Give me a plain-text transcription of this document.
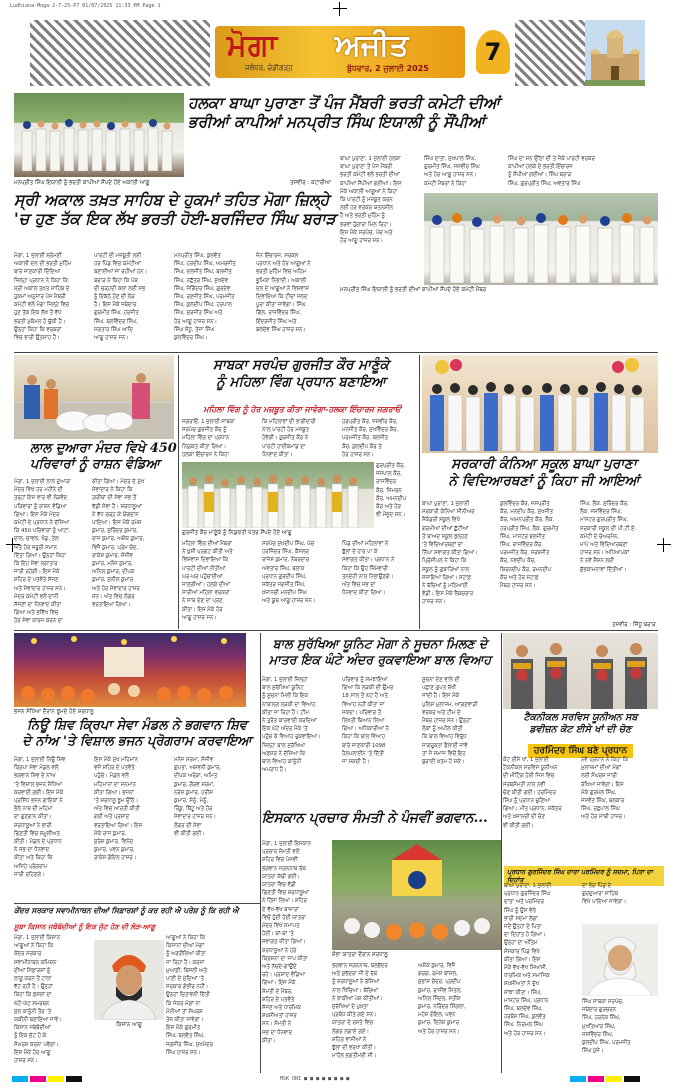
Ludhiana-Moga-2-7-25-P7 01/07/2025 11:33 PM Page 1
ਮੋਗਾ ਅਜੀਤ
ਜਲੰਧਰ, ਚੰਡੀਗੜ੍ਹ	ਬੁੱਧਵਾਰ, 2 ਜੁਲਾਈ 2025
7
ਹਲਕਾ ਬਾਘਾ ਪੁਰਾਣਾ ਤੋਂ ਪੰਜ ਮੈਂਬਰੀ ਭਰਤੀ ਕਮੇਟੀ ਦੀਆਂ
ਭਰੀਆਂ ਕਾਪੀਆਂ ਮਨਪ੍ਰੀਤ ਸਿੰਘ ਇਯਾਲੀ ਨੂੰ ਸੌਂਪੀਆਂ
ਮਨਪ੍ਰੀਤ ਸਿੰਘ ਇਯਾਲੀ ਨੂੰ ਭਰਤੀ ਕਾਪੀਆਂ ਸੌਂਪਦੇ ਹੋਏ ਅਕਾਲੀ ਆਗੂ	ਤਸਵੀਰ : ਕਟਾਰੀਆ
ਬਾਘਾ ਪੁਰਾਣਾ, 1 ਜੁਲਾਈ ਹਲਕਾ
ਬਾਘਾ ਪੁਰਾਣਾ ਤੋਂ ਪੰਜ ਮੈਂਬਰੀ
ਭਰਤੀ ਕਮੇਟੀ ਵਲੋਂ ਭਰਤੀ ਦੀਆਂ
ਕਾਪੀਆਂ ਸੌਂਪੀਆਂ ਗਈਆਂ। ਇਸ
ਮੌਕੇ ਅਕਾਲੀ ਆਗੂਆਂ ਨੇ ਕਿਹਾ
ਕਿ ਪਾਰਟੀ ਨੂੰ ਮਜ਼ਬੂਤ ਕਰਨ
ਲਈ ਹਰ ਵਰਕਰ ਯਤਨਸ਼ੀਲ
ਹੈ ਅਤੇ ਭਰਤੀ ਮੁਹਿੰਮ ਨੂੰ
ਭਰਵਾਂ ਹੁੰਗਾਰਾ ਮਿਲ ਰਿਹਾ।
ਇਸ ਮੌਕੇ ਸਰਪੰਚ, ਪੰਚ ਅਤੇ
ਹੋਰ ਆਗੂ ਹਾਜ਼ਰ ਸਨ।
ਸਿੰਘ ਦਾਤਾ, ਸੁਖਪਾਲ ਸਿੰਘ,
ਗੁਰਮੀਤ ਸਿੰਘ, ਜਸਵੀਰ ਸਿੰਘ
ਅਤੇ ਹੋਰ ਆਗੂ ਹਾਜ਼ਰ ਸਨ।
ਕਮੇਟੀ ਮੈਂਬਰਾਂ ਨੇ ਕਿਹਾ
ਸਿੰਘ ਦਾ ਸਨ ਉੱਠਾ ਦੀ ਤੇ ਜੋਕੇ ਪਾਰਟੀ ਵਰਕਰ
ਕਾਪੀਆਂ ਹਲਕੇ ਦੇ ਭਰਤੀ ਇੰਚਾਰਜ
ਨੂੰ ਸੌਂਪੀਆਂ ਗਈਆਂ। ਸਿੰਘ ਬਰਾੜ
ਸਿੰਘ, ਗੁਰਪ੍ਰੀਤ ਸਿੰਘ, ਅਵਤਾਰ ਸਿੰਘ
ਮਨਪ੍ਰੀਤ ਸਿੰਘ ਇਯਾਲੀ ਨੂੰ ਭਰਤੀ ਦੀਆਂ ਕਾਪੀਆਂ ਸੌਂਪਦੇ ਹੋਏ ਕਮੇਟੀ ਮੈਂਬਰ
ਸ੍ਰੀ ਅਕਾਲ ਤਖ਼ਤ ਸਾਹਿਬ ਦੇ ਹੁਕਮਾਂ ਤਹਿਤ ਮੋਗਾ ਜ਼ਿਲ੍ਹੇ
'ਚ ਹੁਣ ਤੱਕ ਇਕ ਲੱਖ ਭਰਤੀ ਹੋਈ-ਬਰਜਿੰਦਰ ਸਿੰਘ ਬਰਾੜ
ਮੋਗਾ, 1 ਜੁਲਾਈ ਸ਼੍ਰੋਮਣੀ
ਅਕਾਲੀ ਦਲ ਦੀ ਭਰਤੀ ਮੁਹਿੰਮ
ਬਾਰੇ ਜਾਣਕਾਰੀ ਦਿੰਦਿਆਂ
ਜ਼ਿਲ੍ਹਾ ਪ੍ਰਧਾਨ ਨੇ ਕਿਹਾ ਕਿ
ਸ੍ਰੀ ਅਕਾਲ ਤਖ਼ਤ ਸਾਹਿਬ ਦੇ
ਹੁਕਮਾਂ ਅਨੁਸਾਰ ਪੰਜ ਮੈਂਬਰੀ
ਕਮੇਟੀ ਵਲੋਂ ਮੋਗਾ ਜ਼ਿਲ੍ਹੇ ਵਿਚ
ਹੁਣ ਤੱਕ ਇਕ ਲੱਖ ਤੋਂ ਵੱਧ
ਭਰਤੀ ਮੁਕੰਮਲ ਹੋ ਚੁੱਕੀ ਹੈ।
ਉਨ੍ਹਾਂ ਕਿਹਾ ਕਿ ਵਰਕਰਾਂ
ਵਿਚ ਭਾਰੀ ਉਤਸ਼ਾਹ ਹੈ।
ਪਾਰਟੀ ਦੀ ਮਜ਼ਬੂਤੀ ਲਈ
ਹਰ ਪਿੰਡ ਵਿਚ ਕਮੇਟੀਆਂ
ਬਣਾਈਆਂ ਜਾ ਰਹੀਆਂ ਹਨ।
ਬਰਾੜ ਨੇ ਕਿਹਾ ਕਿ ਪੰਥ
ਦੀ ਚੜ੍ਹਦੀ ਕਲਾ ਲਈ ਸਭ
ਨੂੰ ਇਕੱਠੇ ਹੋਣ ਦੀ ਲੋੜ
ਹੈ। ਇਸ ਮੌਕੇ ਜਥੇਦਾਰ
ਗੁਰਮੀਤ ਸਿੰਘ, ਹਰਜੀਤ
ਸਿੰਘ, ਬਲਵਿੰਦਰ ਸਿੰਘ,
ਜਗਤਾਰ ਸਿੰਘ ਆਦਿ
ਆਗੂ ਹਾਜ਼ਰ ਸਨ।
ਮਨਪ੍ਰੀਤ ਸਿੰਘ, ਕੁਲਵੰਤ
ਸਿੰਘ, ਹਰਦੀਪ ਸਿੰਘ, ਅਮਰਜੀਤ
ਸਿੰਘ, ਦਲਜੀਤ ਸਿੰਘ, ਬਲਜੀਤ
ਸਿੰਘ, ਨਛੱਤਰ ਸਿੰਘ, ਸੁਖਦੇਵ
ਸਿੰਘ, ਜੋਗਿੰਦਰ ਸਿੰਘ, ਗੁਰਦੇਵ
ਸਿੰਘ, ਰਣਜੀਤ ਸਿੰਘ, ਪਰਮਜੀਤ
ਸਿੰਘ, ਕੁਲਦੀਪ ਸਿੰਘ, ਹਰਪਾਲ
ਸਿੰਘ, ਸੁਰਜੀਤ ਸਿੰਘ ਅਤੇ
ਹੋਰ ਆਗੂ ਹਾਜ਼ਰ ਸਨ।
ਸਿੰਘ ਸੰਧੂ, ਤੇਜਾ ਸਿੰਘ
ਕੁਲਵਿੰਦਰ ਸਿੰਘ।
ਜ਼ੋਨ ਇੰਚਾਰਜ, ਸਰਕਲ
ਪ੍ਰਧਾਨ ਅਤੇ ਹੋਰ ਆਗੂਆਂ ਨੇ
ਭਰਤੀ ਮੁਹਿੰਮ ਵਿਚ ਅਹਿਮ
ਭੂਮਿਕਾ ਨਿਭਾਈ। ਅਕਾਲੀ
ਦਲ ਦੇ ਆਗੂਆਂ ਨੇ ਵਿਸ਼ਵਾਸ
ਦਿਵਾਇਆ ਕਿ ਟੀਚਾ ਜਲਦ
ਪੂਰਾ ਕੀਤਾ ਜਾਵੇਗਾ। ਸਿੰਘ
ਗਿੱਲ, ਰਾਜਵਿੰਦਰ ਸਿੰਘ,
ਇੰਦਰਜੀਤ ਸਿੰਘ ਅਤੇ
ਬਲਦੇਵ ਸਿੰਘ ਹਾਜ਼ਰ ਸਨ।
ਲਾਲ ਦੁਆਰਾ ਮੰਦਰ ਵਿਖੇ 450
ਪਰਿਵਾਰਾਂ ਨੂੰ ਰਾਸ਼ਨ ਵੰਡਿਆ
ਮੋਗਾ, 1 ਜੁਲਾਈ ਲਾਲ ਦੁਆਰਾ
ਮੰਦਰ ਵਿਖੇ ਹਰ ਮਹੀਨੇ ਦੀ
ਤਰ੍ਹਾਂ ਇਸ ਵਾਰ ਵੀ ਲੋੜਵੰਦ
ਪਰਿਵਾਰਾਂ ਨੂੰ ਰਾਸ਼ਨ ਵੰਡਿਆ
ਗਿਆ। ਇਸ ਮੌਕੇ ਮੰਦਰ
ਕਮੇਟੀ ਦੇ ਪ੍ਰਧਾਨ ਨੇ ਦੱਸਿਆ
ਕਿ 450 ਪਰਿਵਾਰਾਂ ਨੂੰ ਆਟਾ,
ਦਾਲ, ਚਾਵਲ, ਖੰਡ, ਤੇਲ
ਅਤੇ ਹੋਰ ਜ਼ਰੂਰੀ ਸਮਾਨ
ਦਿੱਤਾ ਗਿਆ। ਉਨ੍ਹਾਂ ਕਿਹਾ
ਕਿ ਇਹ ਸੇਵਾ ਲਗਾਤਾਰ
ਜਾਰੀ ਰਹੇਗੀ। ਇਸ ਮੌਕੇ
ਸ਼ਹਿਰ ਦੇ ਪਤਵੰਤੇ ਸੱਜਣ
ਅਤੇ ਸੇਵਾਦਾਰ ਹਾਜ਼ਰ ਸਨ।
ਮੰਦਰ ਕਮੇਟੀ ਵਲੋਂ ਦਾਨੀ
ਸੱਜਣਾਂ ਦਾ ਧੰਨਵਾਦ ਕੀਤਾ
ਗਿਆ ਅਤੇ ਭਵਿੱਖ ਵਿਚ
ਹੋਰ ਸੇਵਾ ਕਾਰਜ ਕਰਨ ਦਾ
ਕੀਤਾ ਗਿਆ। ਮੰਦਰ ਦੇ ਮੁੱਖ
ਸੇਵਾਦਾਰ ਨੇ ਕਿਹਾ ਕਿ
ਗ਼ਰੀਬਾਂ ਦੀ ਸੇਵਾ ਸਭ ਤੋਂ
ਵੱਡੀ ਸੇਵਾ ਹੈ। ਸ਼ਰਧਾਲੂਆਂ
ਨੇ ਵੱਧ ਚੜ੍ਹ ਕੇ ਯੋਗਦਾਨ
ਪਾਇਆ। ਇਸ ਮੌਕੇ ਰਮੇਸ਼
ਕੁਮਾਰ, ਸੁਰਿੰਦਰ ਕੁਮਾਰ,
ਰਾਜ ਕੁਮਾਰ, ਅਸ਼ੋਕ ਕੁਮਾਰ,
ਵਿਜੈ ਕੁਮਾਰ, ਪ੍ਰੇਮ ਚੰਦ,
ਰਾਕੇਸ਼ ਕੁਮਾਰ, ਸੰਜੀਵ
ਕੁਮਾਰ, ਮਨੋਜ ਕੁਮਾਰ,
ਅਨਿਲ ਕੁਮਾਰ, ਦੀਪਕ
ਕੁਮਾਰ, ਸੁਨੀਲ ਕੁਮਾਰ
ਅਤੇ ਹੋਰ ਸੇਵਾਦਾਰ ਹਾਜ਼ਰ
ਸਨ। ਅੰਤ ਵਿਚ ਲੰਗਰ
ਵਰਤਾਇਆ ਗਿਆ।
ਸਾਬਕਾ ਸਰਪੰਚ ਗੁਰਜੀਤ ਕੌਰ ਮਾਣੂੰਕੇ
ਨੂੰ ਮਹਿਲਾ ਵਿੰਗ ਪ੍ਰਧਾਨ ਬਣਾਇਆ
ਮਹਿਲਾ ਵਿੰਗ ਨੂੰ ਹੋਰ ਮਜ਼ਬੂਤ ਕੀਤਾ ਜਾਵੇਗਾ-ਹਲਕਾ ਇੰਚਾਰਜ ਜਗਰਾਓਂ
ਜਗਰਾਓਂ, 1 ਜੁਲਾਈ ਸਾਬਕਾ
ਸਰਪੰਚ ਗੁਰਜੀਤ ਕੌਰ ਨੂੰ
ਮਹਿਲਾ ਵਿੰਗ ਦਾ ਪ੍ਰਧਾਨ
ਨਿਯੁਕਤ ਕੀਤਾ ਗਿਆ।
ਹਲਕਾ ਇੰਚਾਰਜ ਨੇ ਕਿਹਾ
ਕਿ ਮਹਿਲਾਵਾਂ ਦੀ ਭਾਗੀਦਾਰੀ
ਨਾਲ ਪਾਰਟੀ ਹੋਰ ਮਜ਼ਬੂਤ
ਹੋਵੇਗੀ। ਗੁਰਜੀਤ ਕੌਰ ਨੇ
ਪਾਰਟੀ ਹਾਈਕਮਾਂਡ ਦਾ
ਧੰਨਵਾਦ ਕੀਤਾ।
ਹਰਪ੍ਰੀਤ ਕੌਰ, ਜਸਵੀਰ ਕੌਰ,
ਮਨਜੀਤ ਕੌਰ, ਸੁਖਵਿੰਦਰ ਕੌਰ,
ਪਰਮਜੀਤ ਕੌਰ, ਬਲਜੀਤ
ਕੌਰ, ਕੁਲਦੀਪ ਕੌਰ ਤੇ
ਹੋਰ ਹਾਜ਼ਰ ਸਨ।
ਗੁਰਪ੍ਰੀਤ ਕੌਰ,
ਜਸਪਾਲ ਕੌਰ,
ਰਾਜਵਿੰਦਰ
ਕੌਰ, ਸਿਮਰਨ
ਕੌਰ, ਅਮਨਦੀਪ
ਕੌਰ ਅਤੇ ਹੋਰ
ਵੀ ਮੌਜੂਦ ਸਨ।
ਗੁਰਜੀਤ ਕੌਰ ਮਾਣੂੰਕੇ ਨੂੰ ਨਿਯੁਕਤੀ ਪੱਤਰ ਸੌਂਪਦੇ ਹੋਏ ਆਗੂ
ਮਹਿਲਾ ਵਿੰਗ ਦੀਆਂ ਮੈਂਬਰਾਂ
ਨੇ ਖ਼ੁਸ਼ੀ ਪ੍ਰਗਟ ਕੀਤੀ ਅਤੇ
ਵਿਸ਼ਵਾਸ ਦਿਵਾਇਆ ਕਿ
ਪਾਰਟੀ ਦੀਆਂ ਨੀਤੀਆਂ
ਘਰ-ਘਰ ਪਹੁੰਚਾਈਆਂ
ਜਾਣਗੀਆਂ। ਹਲਕੇ ਦੀਆਂ
ਸਾਰੀਆਂ ਮਹਿਲਾ ਵਰਕਰਾਂ
ਨੇ ਸਾਥ ਦੇਣ ਦਾ ਪ੍ਰਣ
ਕੀਤਾ। ਇਸ ਮੌਕੇ ਹੋਰ
ਆਗੂ ਹਾਜ਼ਰ ਸਨ।
ਸਰਪੰਚ ਸੁਖਦੀਪ ਸਿੰਘ, ਪੰਚ
ਹਰਜਿੰਦਰ ਸਿੰਘ, ਕੌਂਸਲਰ
ਰਾਜੇਸ਼ ਕੁਮਾਰ, ਨੰਬਰਦਾਰ
ਅਵਤਾਰ ਸਿੰਘ, ਬਲਾਕ
ਪ੍ਰਧਾਨ ਗੁਰਦੀਪ ਸਿੰਘ,
ਸਕੱਤਰ ਜਗਜੀਤ ਸਿੰਘ,
ਖ਼ਜ਼ਾਨਚੀ ਮਨਦੀਪ ਸਿੰਘ
ਅਤੇ ਯੂਥ ਆਗੂ ਹਾਜ਼ਰ ਸਨ।
ਪਿੰਡ ਦੀਆਂ ਮਹਿਲਾਵਾਂ ਨੇ
ਫੁੱਲਾਂ ਦੇ ਹਾਰ ਪਾ ਕੇ
ਸਵਾਗਤ ਕੀਤਾ। ਪ੍ਰਧਾਨ ਨੇ
ਕਿਹਾ ਕਿ ਉਹ ਜ਼ਿੰਮੇਵਾਰੀ
ਤਨਦੇਹੀ ਨਾਲ ਨਿਭਾਉਣਗੇ।
ਅੰਤ ਵਿਚ ਸਭ ਦਾ
ਧੰਨਵਾਦ ਕੀਤਾ ਗਿਆ।
ਸਰਕਾਰੀ ਕੰਨਿਆ ਸਕੂਲ ਬਾਘਾ ਪੁਰਾਣਾ
ਨੇ ਵਿਦਿਆਰਥਣਾਂ ਨੂੰ ਕਿਹਾ ਜੀ ਆਇਆਂ
ਬਾਘਾ ਪੁਰਾਣਾ, 1 ਜੁਲਾਈ
ਸਰਕਾਰੀ ਕੰਨਿਆ ਸੀਨੀਅਰ
ਸੈਕੰਡਰੀ ਸਕੂਲ ਵਿਖੇ
ਗਰਮੀਆਂ ਦੀਆਂ ਛੁੱਟੀਆਂ
ਤੋਂ ਬਾਅਦ ਸਕੂਲ ਖੁੱਲ੍ਹਣ
'ਤੇ ਵਿਦਿਆਰਥਣਾਂ ਦਾ
ਨਿੱਘਾ ਸਵਾਗਤ ਕੀਤਾ ਗਿਆ।
ਪ੍ਰਿੰਸੀਪਲ ਨੇ ਕਿਹਾ ਕਿ
ਸਕੂਲ ਨੂੰ ਗੁਬਾਰਿਆਂ ਨਾਲ
ਸਜਾਇਆ ਗਿਆ। ਸਟਾਫ਼
ਨੇ ਬੱਚਿਆਂ ਨੂੰ ਮਠਿਆਈ
ਵੰਡੀ। ਇਸ ਮੌਕੇ ਲੈਕਚਰਾਰ
ਹਾਜ਼ਰ ਸਨ।
ਕੁਲਵਿੰਦਰ ਕੌਰ, ਜਸਪ੍ਰੀਤ
ਕੌਰ, ਮਨਦੀਪ ਕੌਰ, ਸੁਖਜੀਤ
ਕੌਰ, ਅਮਨਪ੍ਰੀਤ ਕੌਰ, ਲੈਕ.
ਹਰਪ੍ਰੀਤ ਸਿੰਘ, ਲੈਕ. ਗੁਰਮੀਤ
ਸਿੰਘ, ਮਾਸਟਰ ਬਲਜੀਤ
ਸਿੰਘ, ਰਾਜਵਿੰਦਰ ਕੌਰ,
ਪਰਮਜੀਤ ਕੌਰ, ਸਰਬਜੀਤ
ਕੌਰ, ਨਵਦੀਪ ਕੌਰ,
ਕਿਰਨਦੀਪ ਕੌਰ, ਰਮਨਦੀਪ
ਕੌਰ ਅਤੇ ਹੋਰ ਸਟਾਫ਼
ਮੈਂਬਰ ਹਾਜ਼ਰ ਸਨ।
ਸਿੰਘ, ਲੈਕ. ਸੁਰਿੰਦਰ ਕੌਰ,
ਲੈਕ. ਜਸਵਿੰਦਰ ਸਿੰਘ,
ਮਾਸਟਰ ਗੁਰਪ੍ਰੀਤ ਸਿੰਘ,
ਸਰਕਾਰੀ ਸਕੂਲ ਦੀ ਪੀ.ਟੀ.ਏ.
ਕਮੇਟੀ ਦੇ ਚੇਅਰਮੈਨ,
ਮਾਪੇ ਅਤੇ ਵਿਦਿਆਰਥਣਾਂ
ਹਾਜ਼ਰ ਸਨ। ਅਧਿਆਪਕਾਂ
ਨੇ ਨਵੇਂ ਸੈਸ਼ਨ ਲਈ
ਸ਼ੁੱਭਕਾਮਨਾਵਾਂ ਦਿੱਤੀਆਂ।
ਤਸਵੀਰ : ਸਿੱਧੂ ਬਰਾੜ
ਭਜਨ ਸੰਧਿਆ ਦੌਰਾਨ ਝੂਮਦੇ ਹੋਏ ਸ਼ਰਧਾਲੂ
ਨਿਊ ਸ਼ਿਵ ਕ੍ਰਿਪਾ ਸੇਵਾ ਮੰਡਲ ਨੇ ਭਗਵਾਨ ਸ਼ਿਵ
ਦੇ ਨਾਂਅ 'ਤੇ ਵਿਸ਼ਾਲ ਭਜਨ ਪ੍ਰੋਗਰਾਮ ਕਰਵਾਇਆ
ਮੋਗਾ, 1 ਜੁਲਾਈ ਨਿਊ ਸ਼ਿਵ
ਕ੍ਰਿਪਾ ਸੇਵਾ ਮੰਡਲ ਵਲੋਂ
ਭਗਵਾਨ ਸ਼ਿਵ ਦੇ ਨਾਂਅ
'ਤੇ ਵਿਸ਼ਾਲ ਭਜਨ ਸੰਧਿਆ
ਕਰਵਾਈ ਗਈ। ਇਸ ਮੌਕੇ
ਪ੍ਰਸਿੱਧ ਭਜਨ ਗਾਇਕਾਂ ਨੇ
ਭੋਲੇ ਨਾਥ ਦੀ ਮਹਿਮਾ
ਦਾ ਗੁਣਗਾਨ ਕੀਤਾ।
ਸ਼ਰਧਾਲੂਆਂ ਨੇ ਭਾਰੀ
ਗਿਣਤੀ ਵਿਚ ਸ਼ਮੂਲੀਅਤ
ਕੀਤੀ। ਮੰਡਲ ਦੇ ਪ੍ਰਧਾਨ
ਨੇ ਸਭ ਦਾ ਧੰਨਵਾਦ
ਕੀਤਾ ਅਤੇ ਕਿਹਾ ਕਿ
ਅਜਿਹੇ ਪ੍ਰੋਗਰਾਮ
ਜਾਰੀ ਰਹਿਣਗੇ।
ਇਸ ਮੌਕੇ ਮੁੱਖ ਮਹਿਮਾਨ
ਵਜੋਂ ਸ਼ਹਿਰ ਦੇ ਪਤਵੰਤੇ
ਪਹੁੰਚੇ। ਮੰਡਲ ਵਲੋਂ
ਮਹਿਮਾਨਾਂ ਦਾ ਸਨਮਾਨ
ਕੀਤਾ ਗਿਆ। ਭਜਨਾਂ
'ਤੇ ਸ਼ਰਧਾਲੂ ਝੂਮ ਉੱਠੇ।
ਅੰਤ ਵਿਚ ਆਰਤੀ ਕੀਤੀ
ਗਈ ਅਤੇ ਪ੍ਰਸ਼ਾਦ
ਵਰਤਾਇਆ ਗਿਆ। ਇਸ
ਮੌਕੇ ਰਾਜ ਕੁਮਾਰ,
ਸੁਰੇਸ਼ ਕੁਮਾਰ, ਵਿਨੋਦ
ਕੁਮਾਰ, ਪਵਨ ਕੁਮਾਰ,
ਰਾਕੇਸ਼ ਗੋਇਲ ਹਾਜ਼ਰ।
ਮਨੋਜ ਸ਼ਰਮਾ, ਸੰਜੀਵ
ਗੁਪਤਾ, ਅਸ਼ਵਨੀ ਕੁਮਾਰ,
ਦੀਪਕ ਅਰੋੜਾ, ਅਮਿਤ
ਕੁਮਾਰ, ਗੌਰਵ ਸ਼ਰਮਾ,
ਨਰੇਸ਼ ਕੁਮਾਰ, ਹਰੀਸ਼
ਕੁਮਾਰ, ਸੋਨੂੰ, ਮੋਨੂੰ,
ਰਿੰਕੂ, ਬਿੱਟੂ ਅਤੇ ਹੋਰ
ਸੇਵਾਦਾਰ ਹਾਜ਼ਰ ਸਨ।
ਲੰਗਰ ਦੀ ਸੇਵਾ
ਵੀ ਕੀਤੀ ਗਈ।
ਬਾਲ ਸੁਰੱਖਿਆ ਯੂਨਿਟ ਮੋਗਾ ਨੇ ਸੂਚਨਾ ਮਿਲਣ ਦੇ
ਮਾਤਰ ਇਕ ਘੰਟੇ ਅੰਦਰ ਰੁਕਵਾਇਆ ਬਾਲ ਵਿਆਹ
ਮੋਗਾ, 1 ਜੁਲਾਈ ਜ਼ਿਲ੍ਹਾ
ਬਾਲ ਸੁਰੱਖਿਆ ਯੂਨਿਟ
ਨੂੰ ਸੂਚਨਾ ਮਿਲੀ ਕਿ ਇਕ
ਨਾਬਾਲਗ ਲੜਕੀ ਦਾ ਵਿਆਹ
ਕੀਤਾ ਜਾ ਰਿਹਾ ਹੈ। ਟੀਮ
ਨੇ ਤੁਰੰਤ ਕਾਰਵਾਈ ਕਰਦਿਆਂ
ਇਕ ਘੰਟੇ ਅੰਦਰ ਮੌਕੇ 'ਤੇ
ਪਹੁੰਚ ਕੇ ਵਿਆਹ ਰੁਕਵਾਇਆ।
ਜ਼ਿਲ੍ਹਾ ਬਾਲ ਸੁਰੱਖਿਆ
ਅਫ਼ਸਰ ਨੇ ਦੱਸਿਆ ਕਿ
ਬਾਲ ਵਿਆਹ ਕਾਨੂੰਨੀ
ਅਪਰਾਧ ਹੈ।
ਪਰਿਵਾਰ ਨੂੰ ਸਮਝਾਇਆ
ਗਿਆ ਕਿ ਲੜਕੀ ਦੀ ਉਮਰ
18 ਸਾਲ ਤੋਂ ਘੱਟ ਹੈ ਅਤੇ
ਵਿਆਹ ਨਹੀਂ ਕੀਤਾ ਜਾ
ਸਕਦਾ। ਪਰਿਵਾਰ ਤੋਂ
ਲਿਖਤੀ ਬਿਆਨ ਲਿਆ
ਗਿਆ। ਅਧਿਕਾਰੀਆਂ ਨੇ
ਕਿਹਾ ਕਿ ਬਾਲ ਵਿਆਹ
ਬਾਰੇ ਜਾਣਕਾਰੀ 1098
ਹੈਲਪਲਾਈਨ 'ਤੇ ਦਿੱਤੀ
ਜਾ ਸਕਦੀ ਹੈ।
ਸੂਚਨਾ ਦੇਣ ਵਾਲੇ ਦੀ
ਪਛਾਣ ਗੁਪਤ ਰੱਖੀ
ਜਾਂਦੀ ਹੈ। ਇਸ ਮੌਕੇ
ਪੁਲਿਸ ਮੁਲਾਜ਼ਮ, ਆਂਗਣਵਾੜੀ
ਵਰਕਰ ਅਤੇ ਟੀਮ ਦੇ
ਮੈਂਬਰ ਹਾਜ਼ਰ ਸਨ। ਉਨ੍ਹਾਂ
ਲੋਕਾਂ ਨੂੰ ਅਪੀਲ ਕੀਤੀ
ਕਿ ਬਾਲ ਵਿਆਹ ਵਿਰੁੱਧ
ਜਾਗਰੂਕਤਾ ਫੈਲਾਈ ਜਾਵੇ
ਤਾਂ ਜੋ ਸਮਾਜ ਵਿਚੋਂ ਇਹ
ਬੁਰਾਈ ਖ਼ਤਮ ਹੋ ਸਕੇ।
ਟੈਕਨੀਕਲ ਸਰਵਿਸ ਯੂਨੀਅਨ ਸਬ
ਡਵੀਜ਼ਨ ਕੋਟ ਈਸੇ ਖਾਂ ਦੀ ਚੋਣ
ਹਰਮਿੰਦਰ ਸਿੰਘ ਬਣੇ ਪ੍ਰਧਾਨ
ਕੋਟ ਈਸੇ ਖਾਂ, 1 ਜੁਲਾਈ
ਟੈਕਨੀਕਲ ਸਰਵਿਸ ਯੂਨੀਅਨ
ਦੀ ਮੀਟਿੰਗ ਹੋਈ ਜਿਸ ਵਿਚ
ਸਰਬਸੰਮਤੀ ਨਾਲ ਨਵੀਂ
ਚੋਣ ਕੀਤੀ ਗਈ। ਹਰਮਿੰਦਰ
ਸਿੰਘ ਨੂੰ ਪ੍ਰਧਾਨ ਚੁਣਿਆ
ਗਿਆ। ਮੀਤ ਪ੍ਰਧਾਨ, ਸਕੱਤਰ
ਅਤੇ ਖ਼ਜ਼ਾਨਚੀ ਦੀ ਚੋਣ
ਵੀ ਕੀਤੀ ਗਈ।
ਨਵੇਂ ਪ੍ਰਧਾਨ ਨੇ ਕਿਹਾ ਕਿ
ਮੁਲਾਜ਼ਮਾਂ ਦੀਆਂ ਮੰਗਾਂ
ਲਈ ਸੰਘਰਸ਼ ਜਾਰੀ
ਰੱਖਿਆ ਜਾਵੇਗਾ। ਇਸ
ਮੌਕੇ ਗੁਰਮੇਲ ਸਿੰਘ,
ਜਸਵੰਤ ਸਿੰਘ, ਬਲਕਾਰ
ਸਿੰਘ, ਰਛਪਾਲ ਸਿੰਘ
ਅਤੇ ਹੋਰ ਸਾਥੀ ਹਾਜ਼ਰ।
ਇਸਕਾਨ ਪ੍ਰਚਾਰ ਸੰਮਤੀ ਨੇ ਪੰਜਵੀਂ ਭਗਵਾਨ...
ਸ਼ੋਭਾ ਯਾਤਰਾ ਦੌਰਾਨ ਸ਼ਰਧਾਲੂ
ਮੋਗਾ, 1 ਜੁਲਾਈ ਇਸਕਾਨ
ਪ੍ਰਚਾਰ ਸੰਮਤੀ ਵਲੋਂ
ਸ਼ਹਿਰ ਵਿਚ ਪੰਜਵੀਂ
ਭਗਵਾਨ ਜਗਨਨਾਥ ਰੱਥ
ਯਾਤਰਾ ਕੱਢੀ ਗਈ।
ਯਾਤਰਾ ਵਿਚ ਵੱਡੀ
ਗਿਣਤੀ ਵਿਚ ਸ਼ਰਧਾਲੂਆਂ
ਨੇ ਹਿੱਸਾ ਲਿਆ। ਸ਼ਹਿਰ
ਦੇ ਵੱਖ-ਵੱਖ ਬਾਜ਼ਾਰਾਂ
ਵਿਚੋਂ ਹੁੰਦੀ ਹੋਈ ਯਾਤਰਾ
ਮੰਦਰ ਵਿਖੇ ਸਮਾਪਤ
ਹੋਈ। ਥਾਂ-ਥਾਂ 'ਤੇ
ਸਵਾਗਤ ਕੀਤਾ ਗਿਆ।
ਸ਼ਰਧਾਲੂਆਂ ਨੇ ਹਰੇ
ਕ੍ਰਿਸ਼ਨਾ ਦਾ ਜਾਪ ਕੀਤਾ
ਅਤੇ ਨੱਚਦੇ-ਗਾਉਂਦੇ
ਰਹੇ। ਪ੍ਰਸ਼ਾਦ ਵੰਡਿਆ
ਗਿਆ। ਇਸ ਮੌਕੇ
ਸੰਮਤੀ ਦੇ ਮੈਂਬਰ,
ਸ਼ਹਿਰ ਦੇ ਪਤਵੰਤੇ
ਸੱਜਣ ਅਤੇ ਧਾਰਮਿਕ
ਸ਼ਖ਼ਸੀਅਤਾਂ ਹਾਜ਼ਰ
ਸਨ। ਸੰਮਤੀ ਨੇ
ਸਭ ਦਾ ਧੰਨਵਾਦ
ਕੀਤਾ।
ਭਗਵਾਨ ਜਗਨਨਾਥ, ਬਲਭੱਦਰ
ਅਤੇ ਸੁਭੱਦਰਾ ਜੀ ਦੇ ਰੱਥ
ਨੂੰ ਸ਼ਰਧਾਲੂਆਂ ਨੇ ਰੱਸਿਆਂ
ਨਾਲ ਖਿੱਚਿਆ। ਬੱਚਿਆਂ
ਨੇ ਝਾਕੀਆਂ ਪੇਸ਼ ਕੀਤੀਆਂ।
ਸੁਰੱਖਿਆ ਦੇ ਪੁਖ਼ਤਾ
ਪ੍ਰਬੰਧ ਕੀਤੇ ਗਏ ਸਨ।
ਯਾਤਰਾ ਦੇ ਰਸਤੇ ਵਿਚ
ਲੰਗਰ ਲਗਾਏ ਗਏ।
ਸ਼ਹਿਰ ਵਾਸੀਆਂ ਨੇ
ਫੁੱਲਾਂ ਦੀ ਵਰਖਾ ਕੀਤੀ।
ਮਾਹੌਲ ਭਗਤੀਮਈ ਸੀ।
ਅਸ਼ੋਕ ਕੁਮਾਰ, ਵਿਜੈ
ਗਰਗ, ਰਮੇਸ਼ ਬਾਂਸਲ,
ਸੁਭਾਸ਼ ਚੰਦਰ, ਪ੍ਰਦੀਪ
ਕੁਮਾਰ, ਰਾਜੀਵ ਮਿੱਤਲ,
ਅਨਿਲ ਜਿੰਦਲ, ਸਤੀਸ਼
ਕੁਮਾਰ, ਨਰਿੰਦਰ ਸਿੰਗਲਾ,
ਮਹੇਸ਼ ਗੋਇਲ, ਪਵਨ
ਕੁਮਾਰ, ਦਿਨੇਸ਼ ਕੁਮਾਰ
ਅਤੇ ਹੋਰ ਹਾਜ਼ਰ ਸਨ।
ਕੇਂਦਰ ਸਰਕਾਰ ਸਵਾਮੀਨਾਥਨ ਦੀਆਂ ਸਿਫ਼ਾਰਸ਼ਾਂ ਨੂੰ ਕਰ ਰਹੀ ਐ ਪਰੇਸ਼ ਨੂੰ ਕਿ ਰਹੀ ਐ
ਸੂਬਾ ਕਿਸਾਨ ਜਥੇਬੰਦੀਆਂ ਨੂੰ ਇਕ ਜੁੱਟ ਹੋਣ ਦੀ ਲੋੜ-ਆਗੂ
ਮੋਗਾ, 1 ਜੁਲਾਈ ਕਿਸਾਨ
ਆਗੂਆਂ ਨੇ ਕਿਹਾ ਕਿ
ਕੇਂਦਰ ਸਰਕਾਰ
ਸਵਾਮੀਨਾਥਨ ਕਮਿਸ਼ਨ
ਦੀਆਂ ਸਿਫ਼ਾਰਸ਼ਾਂ ਨੂੰ
ਲਾਗੂ ਕਰਨ ਤੋਂ ਟਾਲਾ
ਵੱਟ ਰਹੀ ਹੈ। ਉਨ੍ਹਾਂ
ਕਿਹਾ ਕਿ ਫ਼ਸਲਾਂ ਦਾ
ਘੱਟੋ-ਘੱਟ ਸਮਰਥਨ
ਮੁੱਲ ਕਾਨੂੰਨੀ ਤੌਰ 'ਤੇ
ਯਕੀਨੀ ਬਣਾਇਆ ਜਾਵੇ।
ਕਿਸਾਨ ਜਥੇਬੰਦੀਆਂ
ਨੂੰ ਇਕ ਜੁੱਟ ਹੋ ਕੇ
ਸੰਘਰਸ਼ ਕਰਨਾ ਪਵੇਗਾ।
ਇਸ ਮੌਕੇ ਹੋਰ ਆਗੂ
ਹਾਜ਼ਰ ਸਨ।
ਕਿਸਾਨ ਆਗੂ
ਆਗੂਆਂ ਨੇ ਕਿਹਾ ਕਿ
ਕਿਸਾਨਾਂ ਦੀਆਂ ਮੰਗਾਂ
ਨੂੰ ਅਣਗੌਲਿਆ ਕੀਤਾ
ਜਾ ਰਿਹਾ ਹੈ। ਕਰਜ਼ਾ
ਮੁਆਫ਼ੀ, ਬਿਜਲੀ ਅਤੇ
ਪਾਣੀ ਦੇ ਮੁੱਦਿਆਂ 'ਤੇ
ਸਰਕਾਰ ਗੰਭੀਰ ਨਹੀਂ।
ਉਨ੍ਹਾਂ ਚਿਤਾਵਨੀ ਦਿੱਤੀ
ਕਿ ਜੇਕਰ ਮੰਗਾਂ ਨਾ
ਮੰਨੀਆਂ ਤਾਂ ਸੰਘਰਸ਼
ਤੇਜ਼ ਕੀਤਾ ਜਾਵੇਗਾ।
ਇਸ ਮੌਕੇ ਗੁਰਮੀਤ
ਸਿੰਘ, ਬਲਵੰਤ ਸਿੰਘ,
ਜਗਸੀਰ ਸਿੰਘ, ਸੁਖਮੰਦਰ
ਸਿੰਘ ਹਾਜ਼ਰ ਸਨ।
ਪ੍ਰਧਾਨ ਗੁਰਜਿੰਦਰ ਸਿੰਘ ਦਾਤਾ ਪਰਮਿੰਦਰ ਨੂੰ ਸਦਮਾ, ਪਿਤਾ ਦਾ ਦਿਹਾਂਤ
ਬਾਘਾ ਪੁਰਾਣਾ, 1 ਜੁਲਾਈ
ਪ੍ਰਧਾਨ ਗੁਰਜਿੰਦਰ ਸਿੰਘ
ਦਾਤਾ ਅਤੇ ਪਰਮਿੰਦਰ
ਸਿੰਘ ਨੂੰ ਉਸ ਵੇਲੇ
ਭਾਰੀ ਸਦਮਾ ਲੱਗਾ
ਜਦੋਂ ਉਨ੍ਹਾਂ ਦੇ ਪਿਤਾ
ਦਾ ਦਿਹਾਂਤ ਹੋ ਗਿਆ।
ਉਨ੍ਹਾਂ ਦਾ ਅੰਤਿਮ
ਸੰਸਕਾਰ ਪਿੰਡ ਵਿਖੇ
ਕੀਤਾ ਗਿਆ। ਇਸ
ਮੌਕੇ ਵੱਖ-ਵੱਖ ਸਿਆਸੀ,
ਧਾਰਮਿਕ ਅਤੇ ਸਮਾਜਿਕ
ਸ਼ਖ਼ਸੀਅਤਾਂ ਨੇ ਦੁੱਖ
ਸਾਂਝਾ ਕੀਤਾ। ਸਿੰਘ,
ਮਾਸਟਰ ਸਿੰਘ, ਪ੍ਰਧਾਨ
ਸਿੰਘ, ਬਲਦੇਵ ਸਿੰਘ,
ਹਰਬੰਸ ਸਿੰਘ, ਕੁਲਵੰਤ
ਸਿੰਘ, ਨਿਰਮਲ ਸਿੰਘ
ਅਤੇ ਹੋਰ ਹਾਜ਼ਰ ਸਨ।
ਦਾ ਭੋਗ ਪਿੰਡ ਦੇ
ਗੁਰਦੁਆਰਾ ਸਾਹਿਬ
ਵਿਖੇ ਪਾਇਆ ਜਾਵੇਗਾ।
ਸਿੰਘ ਸਾਬਕਾ ਸਰਪੰਚ,
ਜਥੇਦਾਰ ਗੁਰਚਰਨ
ਸਿੰਘ, ਹਰਨੇਕ ਸਿੰਘ,
ਮੁਖਤਿਆਰ ਸਿੰਘ,
ਜਸਵਿੰਦਰ ਸਿੰਘ,
ਕੁਲਦੀਪ ਸਿੰਘ, ਪਰਮਜੀਤ
ਸਿੰਘ ਪੁੱਜੇ।
MSK ONI ■ ■ ■ ■ ■ ■ ■ ■
